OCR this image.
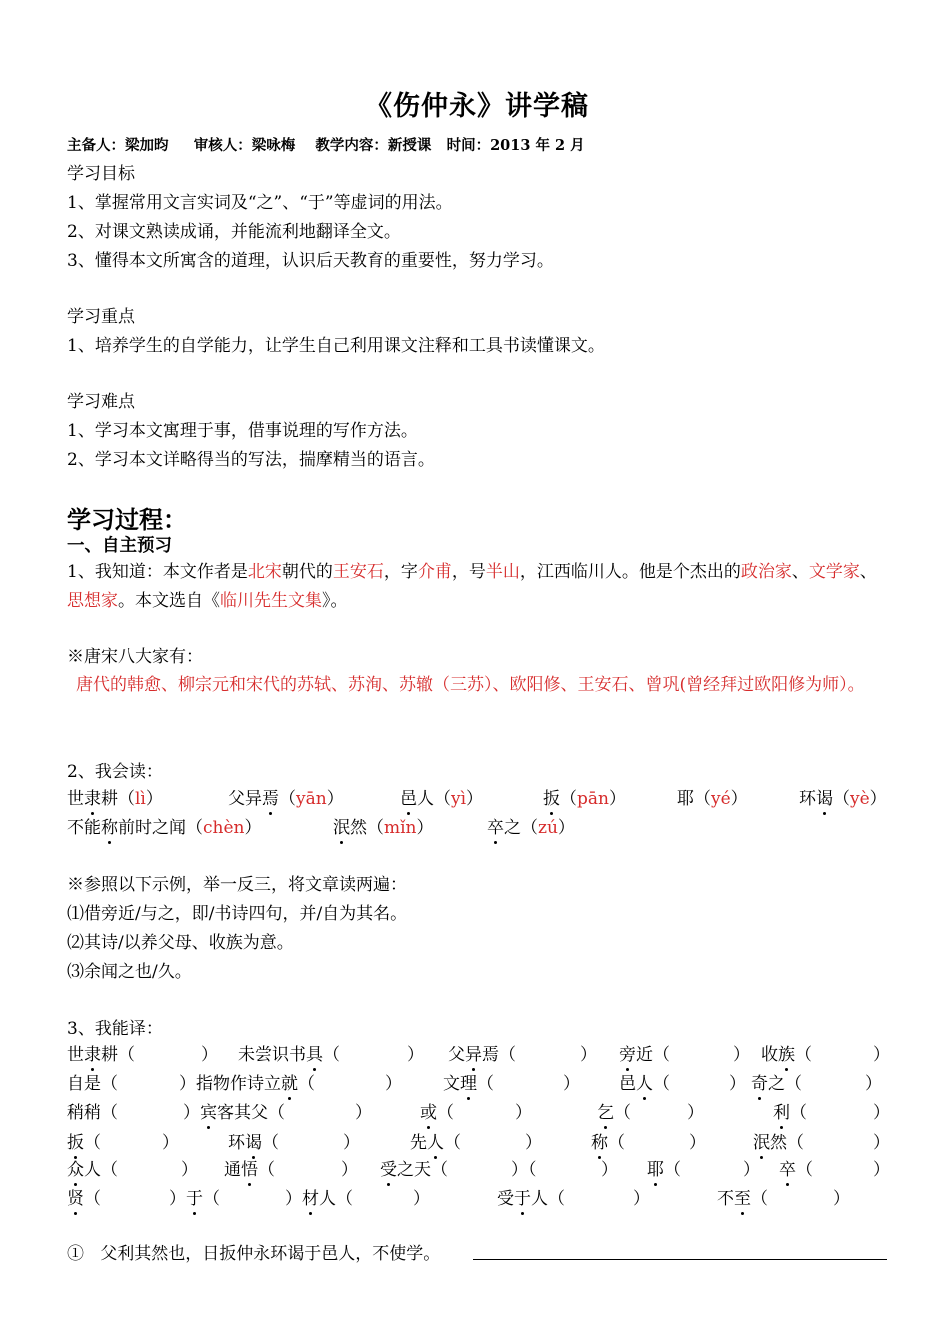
《伤仲永》讲学稿
主备人：梁加昀     审核人：梁咏梅    教学内容：新授课   时间：2013 年 2 月
学习目标
1、掌握常用文言实词及“之”、“于”等虚词的用法。
2、对课文熟读成诵，并能流利地翻译全文。
3、懂得本文所寓含的道理，认识后天教育的重要性，努力学习。
学习重点
1、培养学生的自学能力，让学生自己利用课文注释和工具书读懂课文。
学习难点
1、学习本文寓理于事，借事说理的写作方法。
2、学习本文详略得当的写法，揣摩精当的语言。
学习过程：
一、自主预习
1、我知道：本文作者是北宋朝代的王安石，字介甫，号半山，江西临川人。他是个杰出的政治家、文学家、思想家。本文选自《临川先生文集》。
※唐宋八大家有：
唐代的韩愈、柳宗元和宋代的苏轼、苏洵、苏辙（三苏）、欧阳修、王安石、曾巩(曾经拜过欧阳修为师）。
2、我会读：
世隶耕（lì）	父异焉（yān）	邑人（yì）	扳（pān）	耶（yé）	环谒（yè）
不能称前时之闻（chèn）	泯然（mǐn）	卒之（zú）
※参照以下示例，举一反三，将文章读两遍：
⑴借旁近/与之，即/书诗四句，并/自为其名。
⑵其诗/以养父母、收族为意。
⑶余闻之也/久。
3、我能译：
世隶耕（	） 未尝识书具（	） 父异焉（	） 旁近（	） 收族（	）
自是（	）指物作诗立就（	） 文理（	） 邑人（	） 奇之（	）
稍稍（	）宾客其父（	）	或（	）	乞（	）	利（	）
扳（	）	环谒（	）	先人（	）	称（	）	泯然（	）
众人（	） 通悟（	） 受之天（	）（	） 耶（	） 卒（	）
贤（	）于（	）材人（	）	受于人（	）	不至（	）
① 父利其然也，日扳仲永环谒于邑人，不使学。
